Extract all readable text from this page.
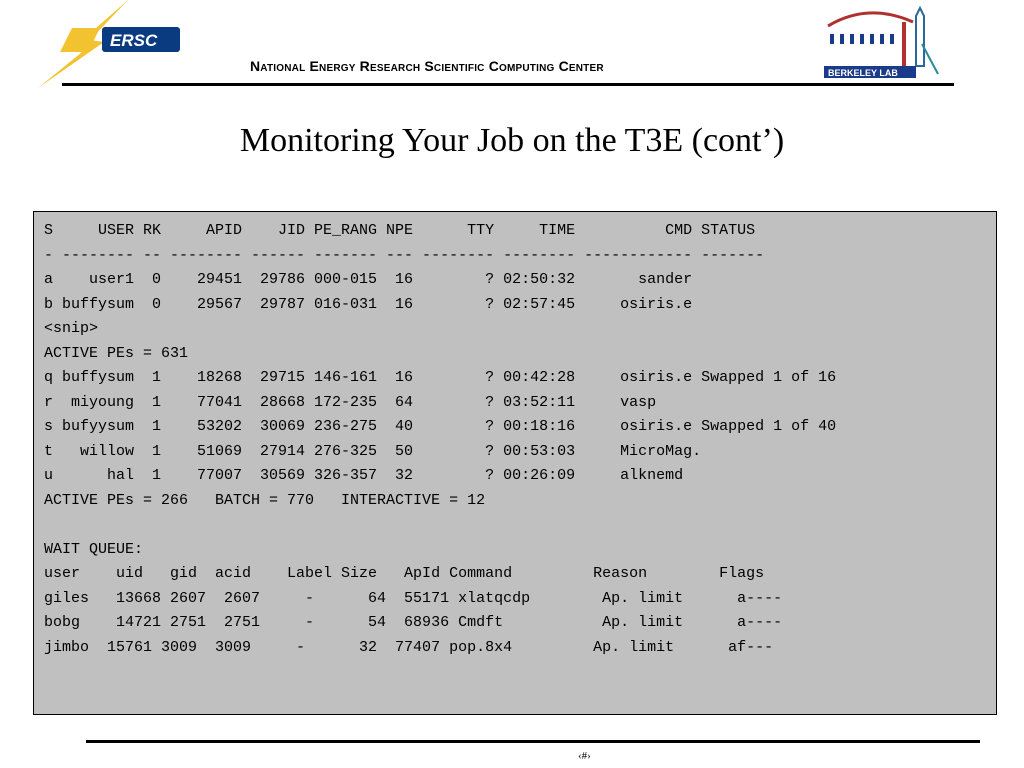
ERSC
National Energy Research Scientific Computing Center	BERKELEY LAB
Monitoring Your Job on the T3E (cont’)
S     USER RK     APID    JID PE_RANG NPE      TTY     TIME          CMD STATUS
- -------- -- -------- ------ ------- --- -------- -------- ------------ -------
a    user1  0    29451  29786 000-015  16        ? 02:50:32       sander
b buffysum  0    29567  29787 016-031  16        ? 02:57:45     osiris.e
<snip>
ACTIVE PEs = 631
q buffysum  1    18268  29715 146-161  16        ? 00:42:28     osiris.e Swapped 1 of 16
r  miyoung  1    77041  28668 172-235  64        ? 03:52:11     vasp
s bufyysum  1    53202  30069 236-275  40        ? 00:18:16     osiris.e Swapped 1 of 40
t   willow  1    51069  27914 276-325  50        ? 00:53:03     MicroMag.
u      hal  1    77007  30569 326-357  32        ? 00:26:09     alknemd
ACTIVE PEs = 266   BATCH = 770   INTERACTIVE = 12
WAIT QUEUE:
user    uid   gid  acid    Label Size   ApId Command         Reason        Flags
giles   13668 2607  2607     -      64  55171 xlatqcdp        Ap. limit      a----
bobg    14721 2751  2751     -      54  68936 Cmdft           Ap. limit      a----
jimbo  15761 3009  3009     -      32  77407 pop.8x4         Ap. limit      af---
‹#›
